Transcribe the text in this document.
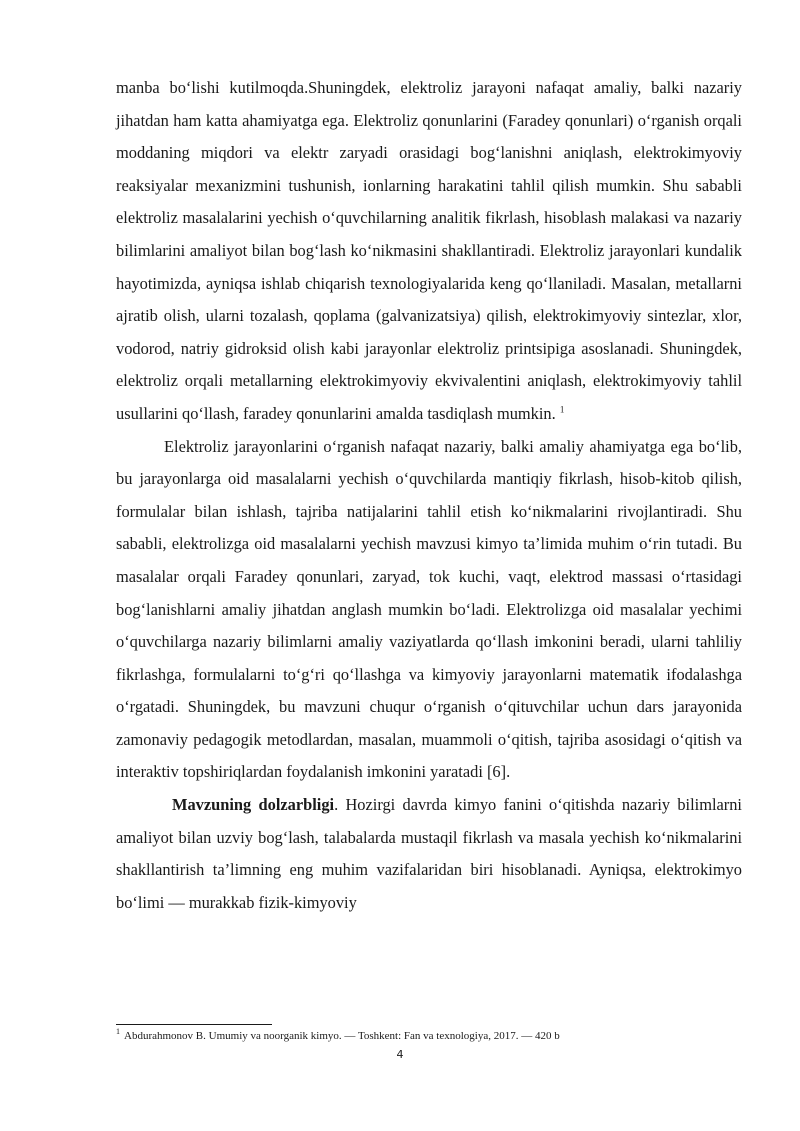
manba bo‘lishi kutilmoqda.Shuningdek, elektroliz jarayoni nafaqat amaliy, balki nazariy jihatdan ham katta ahamiyatga ega. Elektroliz qonunlarini (Faradey qonunlari) o‘rganish orqali moddaning miqdori va elektr zaryadi orasidagi bog‘lanishni aniqlash, elektrokimyoviy reaksiyalar mexanizmini tushunish, ionlarning harakatini tahlil qilish mumkin. Shu sababli elektroliz masalalarini yechish o‘quvchilarning analitik fikrlash, hisoblash malakasi va nazariy bilimlarini amaliyot bilan bog‘lash ko‘nikmasini shakllantiradi. Elektroliz jarayonlari kundalik hayotimizda, ayniqsa ishlab chiqarish texnologiyalarida keng qo‘llaniladi. Masalan, metallarni ajratib olish, ularni tozalash, qoplama (galvanizatsiya) qilish, elektrokimyoviy sintezlar, xlor, vodorod, natriy gidroksid olish kabi jarayonlar elektroliz printsipiga asoslanadi. Shuningdek, elektroliz orqali metallarning elektrokimyoviy ekvivalentini aniqlash, elektrokimyoviy tahlil usullarini qo‘llash, faradey qonunlarini amalda tasdiqlash mumkin. $^1$

Elektroliz jarayonlarini o‘rganish nafaqat nazariy, balki amaliy ahamiyatga ega bo‘lib, bu jarayonlarga oid masalalarni yechish o‘quvchilarda mantiqiy fikrlash, hisob-kitob qilish, formulalar bilan ishlash, tajriba natijalarini tahlil etish ko‘nikmalarini rivojlantiradi. Shu sababli, elektrolizga oid masalalarni yechish mavzusi kimyo ta’limida muhim o‘rin tutadi. Bu masalalar orqali Faradey qonunlari, zaryad, tok kuchi, vaqt, elektrod massasi o‘rtasidagi bog‘lanishlarni amaliy jihatdan anglash mumkin bo‘ladi. Elektrolizga oid masalalar yechimi o‘quvchilarga nazariy bilimlarni amaliy vaziyatlarda qo‘llash imkonini beradi, ularni tahliliy fikrlashga, formulalarni to‘g‘ri qo‘llashga va kimyoviy jarayonlarni matematik ifodalashga o‘rgatadi. Shuningdek, bu mavzuni chuqur o‘rganish o‘qituvchilar uchun dars jarayonida zamonaviy pedagogik metodlardan, masalan, muammoli o‘qitish, tajriba asosidagi o‘qitish va interaktiv topshiriqlardan foydalanish imkonini yaratadi [6].

Mavzuning dolzarbligi. Hozirgi davrda kimyo fanini o‘qitishda nazariy bilimlarni amaliyot bilan uzviy bog‘lash, talabalarda mustaqil fikrlash va masala yechish ko‘nikmalarini shakllantirish ta’limning eng muhim vazifalaridan biri hisoblanadi. Ayniqsa, elektrokimyo bo‘limi — murakkab fizik-kimyoviy

$^1$ Abdurahmonov B. Umumiy va noorganik kimyo. — Toshkent: Fan va texnologiya, 2017. — 420 b
4
